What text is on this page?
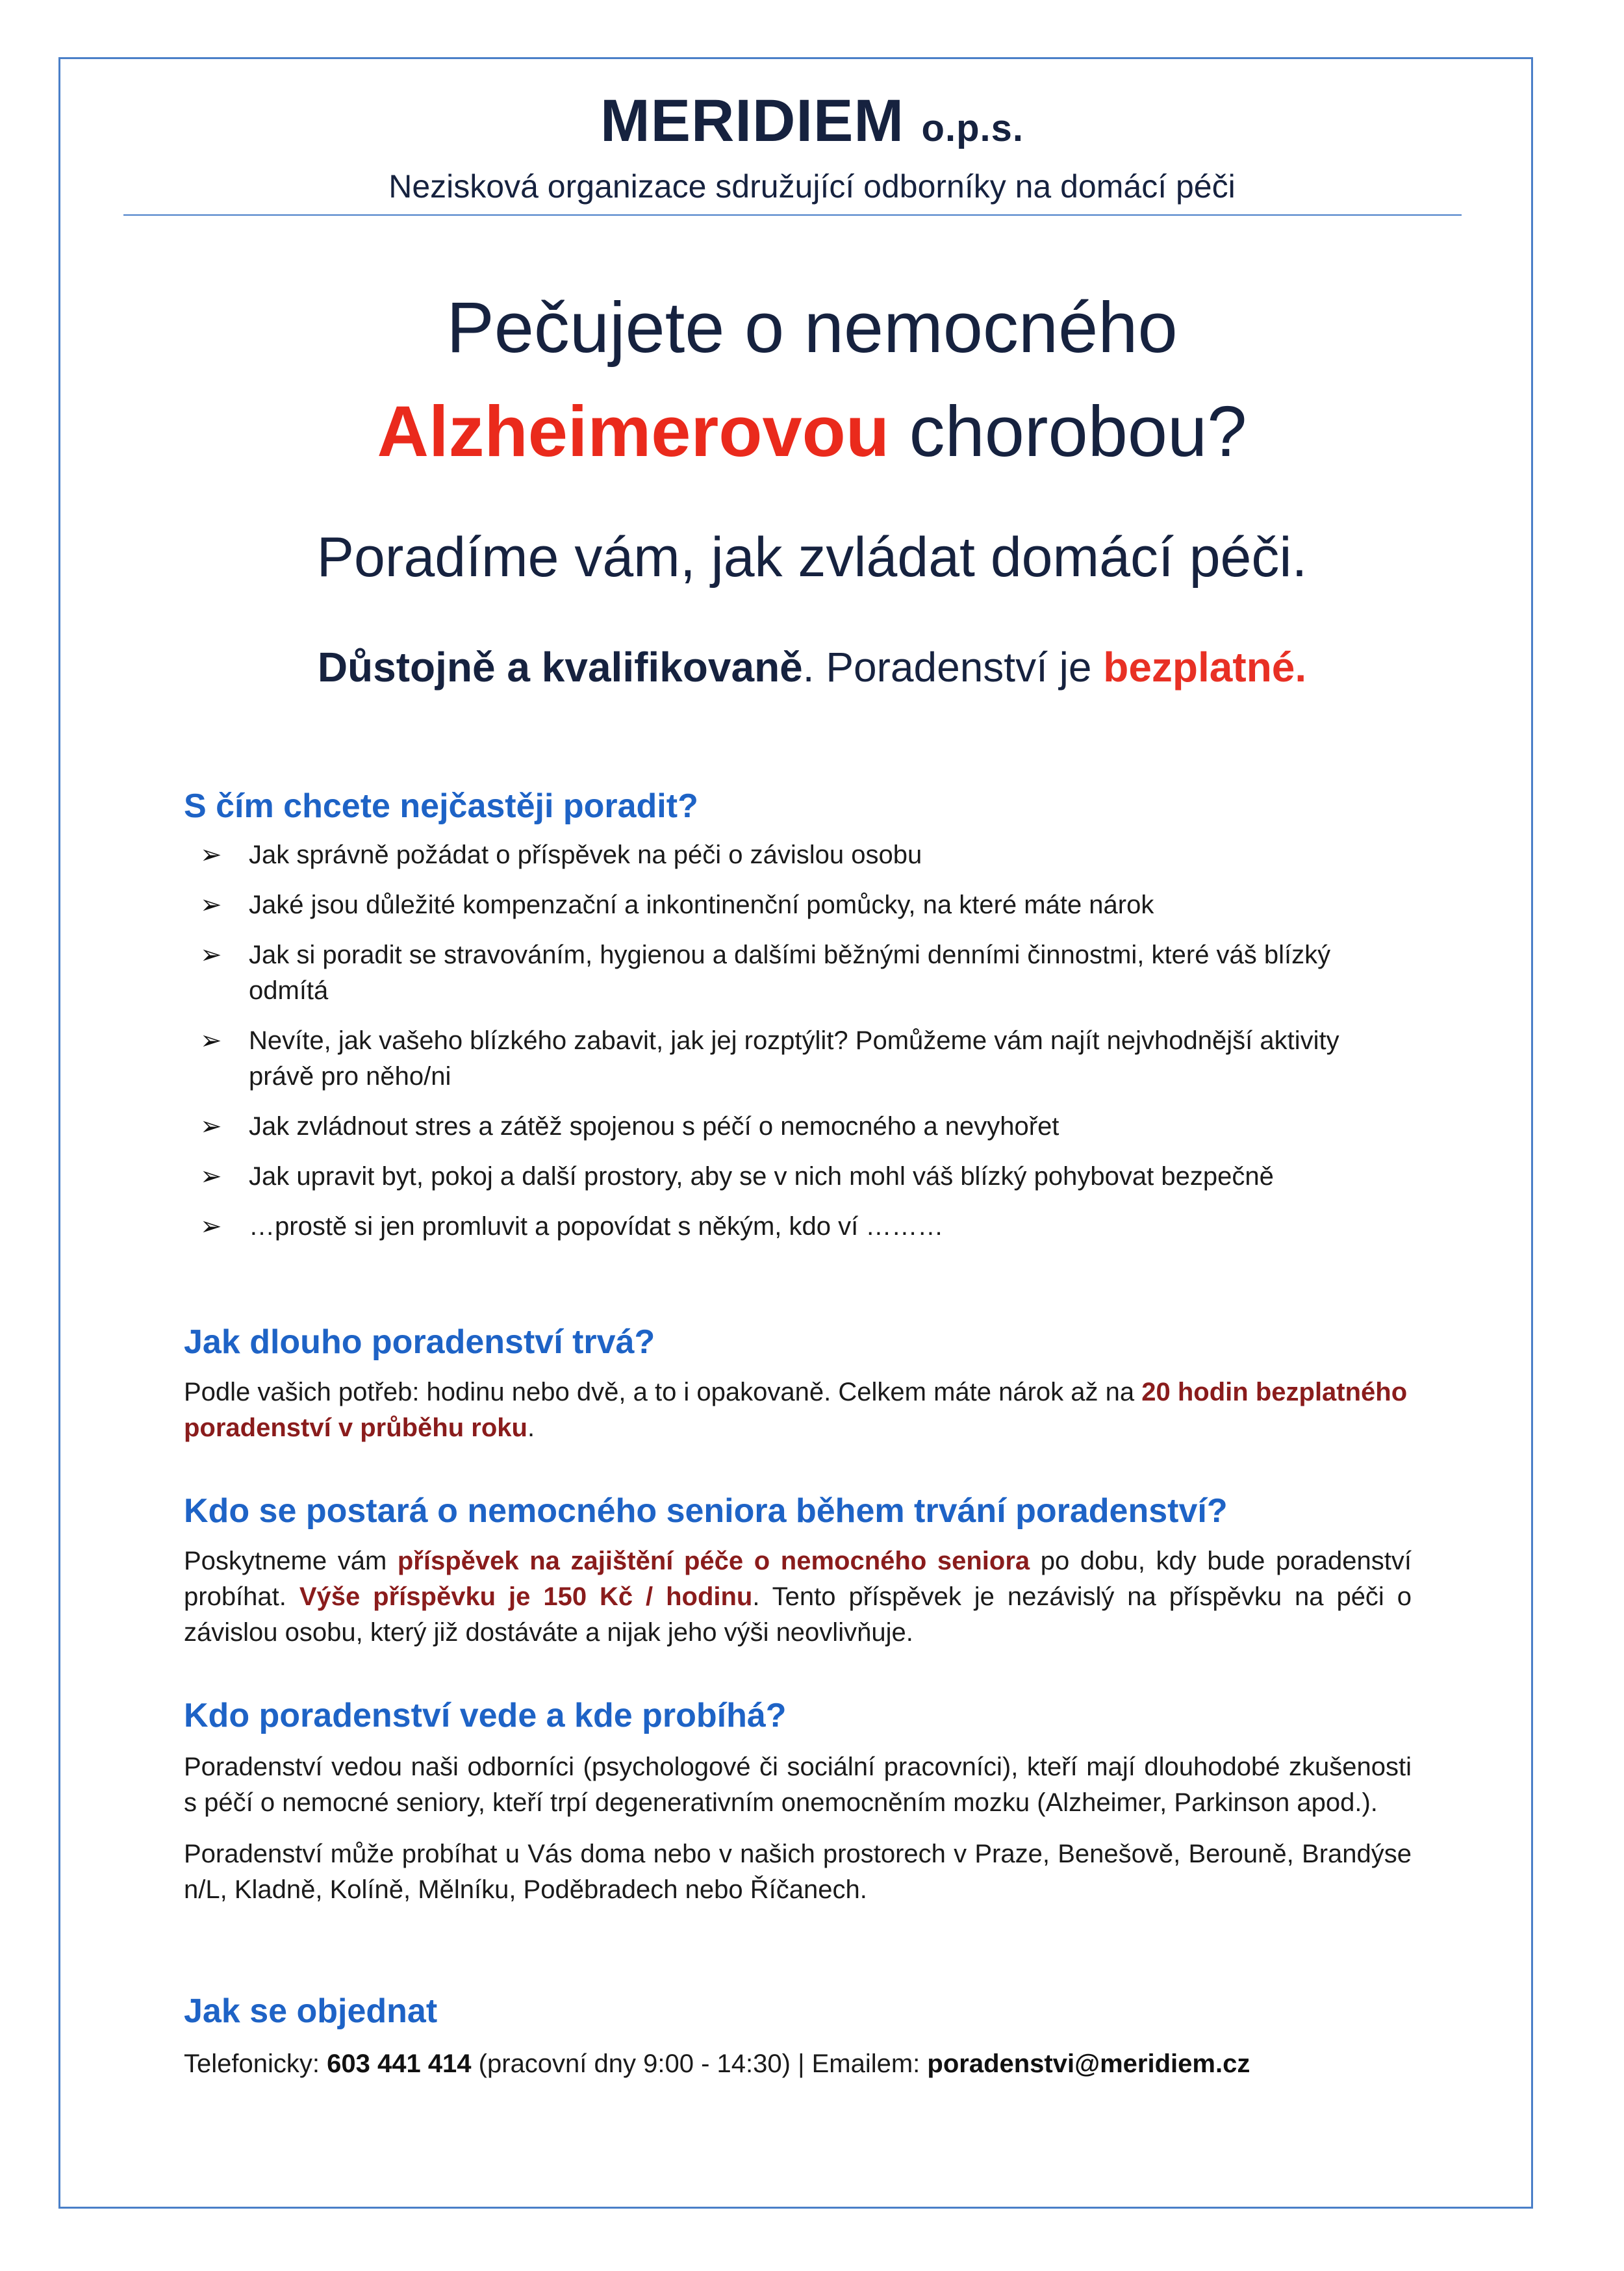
MERIDIEM o.p.s.
Nezisková organizace sdružující odborníky na domácí péči
Pečujete o nemocného
Alzheimerovou chorobou?
Poradíme vám, jak zvládat domácí péči.
Důstojně a kvalifikovaně. Poradenství je bezplatné.
S čím chcete nejčastěji poradit?
➢ Jak správně požádat o příspěvek na péči o závislou osobu
➢ Jaké jsou důležité kompenzační a inkontinenční pomůcky, na které máte nárok
➢ Jak si poradit se stravováním, hygienou a dalšími běžnými denními činnostmi, které váš blízký odmítá
➢ Nevíte, jak vašeho blízkého zabavit, jak jej rozptýlit? Pomůžeme vám najít nejvhodnější aktivity právě pro něho/ni
➢ Jak zvládnout stres a zátěž spojenou s péčí o nemocného a nevyhořet
➢ Jak upravit byt, pokoj a další prostory, aby se v nich mohl váš blízký pohybovat bezpečně
➢ …prostě si jen promluvit a popovídat s někým, kdo ví ………
Jak dlouho poradenství trvá?

Podle vašich potřeb: hodinu nebo dvě, a to i opakovaně. Celkem máte nárok až na 20 hodin bezplatného poradenství v průběhu roku.

Kdo se postará o nemocného seniora během trvání poradenství?

Poskytneme vám příspěvek na zajištění péče o nemocného seniora po dobu, kdy bude poradenství probíhat. Výše příspěvku je 150 Kč / hodinu. Tento příspěvek je nezávislý na příspěvku na péči o závislou osobu, který již dostáváte a nijak jeho výši neovlivňuje.

Kdo poradenství vede a kde probíhá?

Poradenství vedou naši odborníci (psychologové či sociální pracovníci), kteří mají dlouhodobé zkušenosti s péčí o nemocné seniory, kteří trpí degenerativním onemocněním mozku (Alzheimer, Parkinson apod.).

Poradenství může probíhat u Vás doma nebo v našich prostorech v Praze, Benešově, Berouně, Brandýse n/L, Kladně, Kolíně, Mělníku, Poděbradech nebo Říčanech.

Jak se objednat

Telefonicky: 603 441 414 (pracovní dny 9:00 - 14:30) | Emailem: poradenstvi@meridiem.cz
